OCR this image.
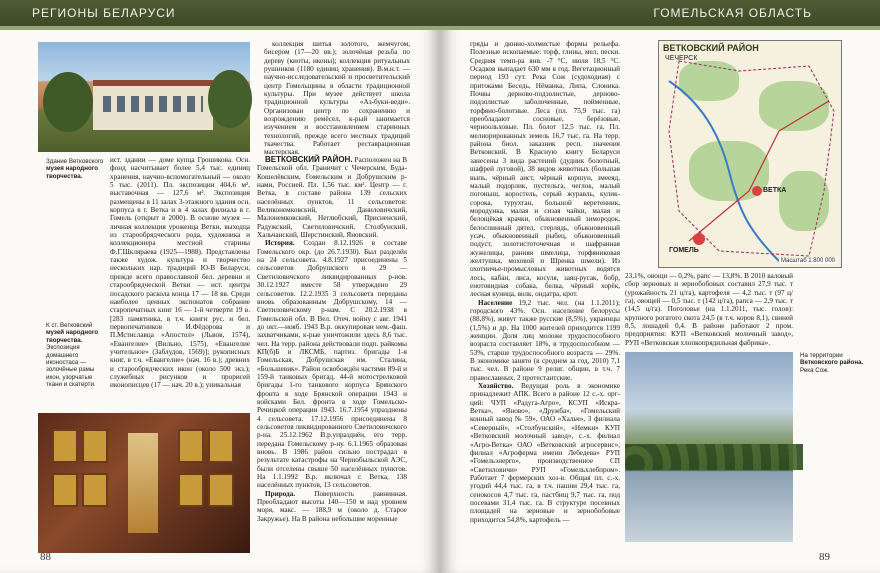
РЕГИОНЫ БЕЛАРУСИ

коллекция шитья золотого, жемчугом, бисером (17—20 вв.); золочёная резьба по дереву (киоты, иконы); коллекция ритуальных рушников (1180 единиц хранения). В.м.н.т. — научно-исследовательский и просветительский центр Гомельщины в области традиционной культуры. При музее действует школа традиционной культуры «Аз-буки-веди». Организован центр по сохранению и возрождению ремёсел, к-рый занимается изучением и восстановлением старинных технологий, прежде всего местных традиций ткачества. Работает реставрационная мастерская.

Здание Ветковского
музея народного
творчества.

ист. здании — доме купца Грошикова. Осн. фонд насчитывает более 5,4 тыс. единиц хранения, научно-вспомогательный — около 5 тыс. (2011). Пл. экспозиции 404,6 м², выставочная — 127,6 м². Экспозиция размещены в 11 залах 3-этажного здания осн. корпуса в г. Ветка и в 4 залах филиала в г. Гомель (открыт в 2000). В основе музея — личная коллекция уроженца Ветки, выходца из старообрядческого рода, художника и коллекционера местной старины Ф.Г.Шкляраева (1925—1988). Представлены также худож. культура и творчество нескольких нар. традиций Ю-В Беларуси, прежде всего православной бел. деревни и старообрядческой Ветки — ист. центра посадского раскола конца 17 — 18 вв. Среди наиболее ценных экспонатов собрание старопечатных книг 16 — 1-й четверти 19 в. [283 памятника, в т.ч. книги рус. и бел. первопечатников И.Фёдорова и П.Мстиславца «Апостол» (Львов, 1574), «Евангелие» (Вильно, 1575), «Евангелие учительное» (Заблудов, 1569)]; рукописных книг, в т.ч. «Евангелие» (нач. 16 в.); древних и старообрядческих икон (около 500 экз.); служебных рисунков и прорисей иконописцев (17 — нач. 20 в.); уникальная

К ст. Ветковский
музей народного
творчества.
Экспозиция домашнего иконостаса — золочёные рамы икон, узорчатые ткани и скатерти.

ВЕТКОВСКИЙ РАЙОН. Расположен на В Гомельской обл. Граничит с Чечерским, Буда-Кошелёвским, Гомельским и Добрушским р-нами, Россией. Пл. 1,56 тыс. км². Центр — г. Ветка, в составе района 139 сельских населённых пунктов, 11 сельсоветов: Великонемковский, Даниловичский, Малонемковский, Неглюбский, Присненский, Радужский, Светиловичский, Столбунский, Хальчанский, Шерстинский, Яновский.

История. Создан 8.12.1926 в составе Гомельского окр. (до 26.7.1930). Был разделён на 24 сельсовета. 4.8.1927 присоединены 5 сельсоветов Добрушского и 29 — Светиловичского ликвидированных р-нов. 30.12.1927 вместе 58 утверждено 29 сельсоветов. 12.2.1935 3 сельсовета переданы вновь образованным Добрушскому, 14 — Светиловичскому р-нам. С 20.2.1938 в Гомельской обл. В Вел. Отеч. войну с авг. 1941 до окт.—нояб. 1943 В.р. оккупирован нем.-фаш. захватчиками, к-рые уничтожили здесь 8,6 тыс. чел. На терр. района действовали подп. райкомы КП(б)Б и ЛКСМБ, партиз. бригады 1-я Гомельская, Добрушская им. Сталина, «Большевик». Район освобождён частями 89-й и 159-й танковых бригад, 44-й мотострелковой бригады 1-го танкового корпуса Брянского фронта в ходе Брянской операции 1943 и войсками Бел. фронта в ходе Гомельско-Речицкой операции 1943. 16.7.1954 упразднены 4 сельсовета. 17.12.1956 присоединены 8 сельсоветов ликвидированного Светиловичского р-на. 25.12.1962 В.р.упразднён, его терр. передана Гомельскому р-ну. 6.1.1965 образован вновь. В 1986 район сильно пострадал в результате катастрофы на Чернобыльской АЭС, были отселены свыше 50 населённых пунктов. На 1.1.1992 В.р. включал г. Ветка, 138 населённых пунктов, 13 сельсоветов.

Природа.	Поверхность равнинная. Преобладают высоты 140—150 м над уровнем моря, макс. — 188,9 м (около д. Старое Закружье). На В района небольшие моренные

88
ГОМЕЛЬСКАЯ ОБЛАСТЬ

гряды и дюнно-холмистые формы рельефа. Полезные ископаемые: торф, глины, мел, пески. Средняя темп-ра янв. -7 °С, июля 18,5 °С. Осадков выпадает 630 мм в год. Вегетационный период 193 сут. Река Сож (судоходная) с притоками Беседь, Нёманка, Липа, Слоника. Почвы дерново-подзолистые, дерново-подзолистые заболоченные, пойменные, торфяно-болотные. Леса (пл. 75,9 тыс. га) преобладают сосновые, берёзовые, черноольховые. Пл. болот 12,5 тыс. га. Пл. мелиорированных земель 16,7 тыс. га. На терр. района биол. заказник респ. значения Ветковский. В Красную книгу Беларуси занесены 3 вида растений (дудник болотный, шафрей луговой), 38 видов животных (большая выпь, чёрный аист, чёрный коршун, змееяд, малый подорлик, пустельга, чеглок, малый погоныш, коростель, серый журавль, кулик-сорока, турухтан, большой веретенник, мородунка, малая и сизая чайки, малая и белощёкая крачки, обыкновенный зимородок, белоспинный дятел, стерлядь, обыкновенный усач, обыкновенный рыбец, обыкновенный подуст, золотистоточечная и шафранная жужелицы, ранняя шмелица, торфяниковая желтушка, моховой и Шренка шмели). Из охотничье-промысловых животных водятся лось, кабан, лиса, косуля, заяц-русак, бобр, енотовидная собака, белка, чёрный хорёк, лесная куница, волк, ондатра, крот.

Население 19,2 тыс. чел. (на 1.1.2011); городского 43%. Осн. население белорусы (88,8%), живут также русские (8,5%), украинцы (1,5%) и др. На 1000 жителей приходится 1199 женщин. Доля лиц моложе трудоспособного возраста составляет 18%, в трудоспособном — 53%, старше трудоспособного возраста — 29%. В экономике занято (в среднем за год, 2010) 7,1 тыс. чел. В районе 9 религ. общин, в т.ч. 7 православных, 2 протестантские.

Хозяйство. Ведущая роль в экономике принадлежит АПК. Всего в районе 12 с.-х. орг-ций: ЧУП «Радуга-Агро», КСУП «Искра-Ветка», «Яново», «Дружба», «Гомельский конный завод № 59», ОАО «Хальч», 3 филиала «Северный», «Столбунский», «Немки» КУП «Ветковский молочный завод», с.-х. филиал «Агро-Ветка» ОАО «Ветковский агросервис», филиал «Агроферма имени Лебедева» РУП «Гомельэнерго», производственное СП «Светиловичи» РУП «Гомельхлебпром». Работает 7 фермерских хоз-в. Общая пл. с.-х. угодий 44,4 тыс. га, в т.ч. пашни 29,4 тыс. га, сенокосов 4,7 тыс. га, пастбищ 9,7 тыс. га, под посевами 31,4 тыс. га. В структуре посевных площадей на зерновые и зернобобовые приходится 54,8%, картофель —

ВЕТКОВСКИЙ РАЙОН
ВЕТКА
ГОМЕЛЬ
ЧЕЧЕРСК
Масштаб 1:800 000

23,1%, овощи — 0,2%, рапс — 13,8%. В 2010 валовый сбор зерновых и зернобобовых составил 27,9 тыс. т (урожайность 21 ц/га), картофеля — 4,2 тыс. т (97 ц/га), овощей — 0,5 тыс. т (142 ц/га), рапса — 2,9 тыс. т (14,5 ц/га). Поголовье (на 1.1.2011, тыс. голов): крупного рогатого скота 24,5 (в т.ч. коров 8,1), свиней 8,5, лошадей 0,4. В районе работают 2 пром. предприятия: КУП «Ветковский молочный завод», РУП «Ветковская хлопкопрядильная фабрика».

На территории
Ветковского района.
Река Сож.
89
